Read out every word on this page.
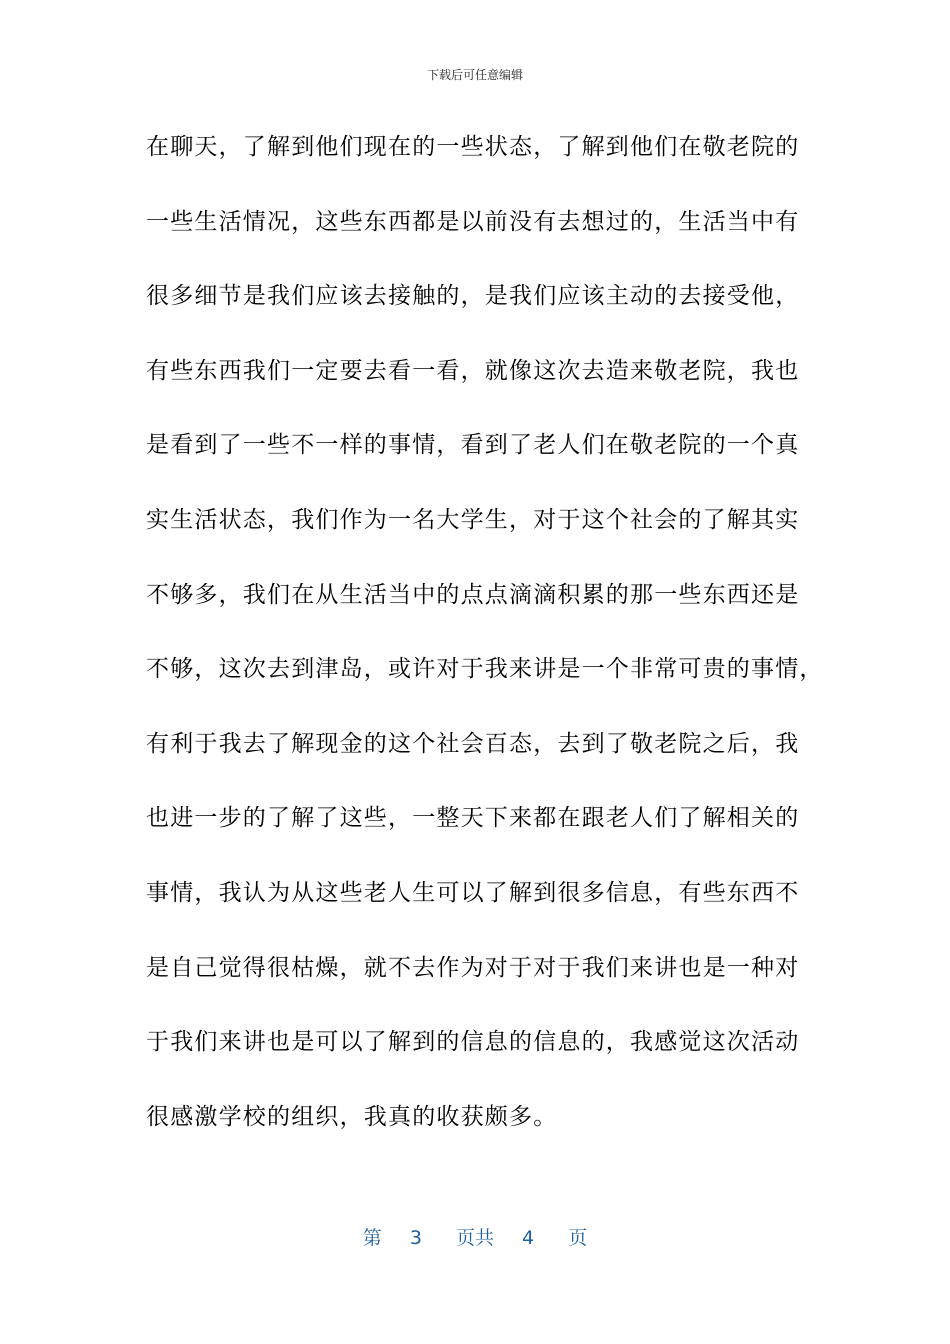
下载后可任意编辑
在聊天，了解到他们现在的一些状态，了解到他们在敬老院的
一些生活情况，这些东西都是以前没有去想过的，生活当中有
很多细节是我们应该去接触的，是我们应该主动的去接受他，
有些东西我们一定要去看一看，就像这次去造来敬老院，我也
是看到了一些不一样的事情，看到了老人们在敬老院的一个真
实生活状态，我们作为一名大学生，对于这个社会的了解其实
不够多，我们在从生活当中的点点滴滴积累的那一些东西还是
不够，这次去到津岛，或许对于我来讲是一个非常可贵的事情，
有利于我去了解现金的这个社会百态，去到了敬老院之后，我
也进一步的了解了这些，一整天下来都在跟老人们了解相关的
事情，我认为从这些老人生可以了解到很多信息，有些东西不
是自己觉得很枯燥，就不去作为对于对于我们来讲也是一种对
于我们来讲也是可以了解到的信息的信息的，我感觉这次活动
很感激学校的组织，我真的收获颇多。
第 3 页共 4 页
